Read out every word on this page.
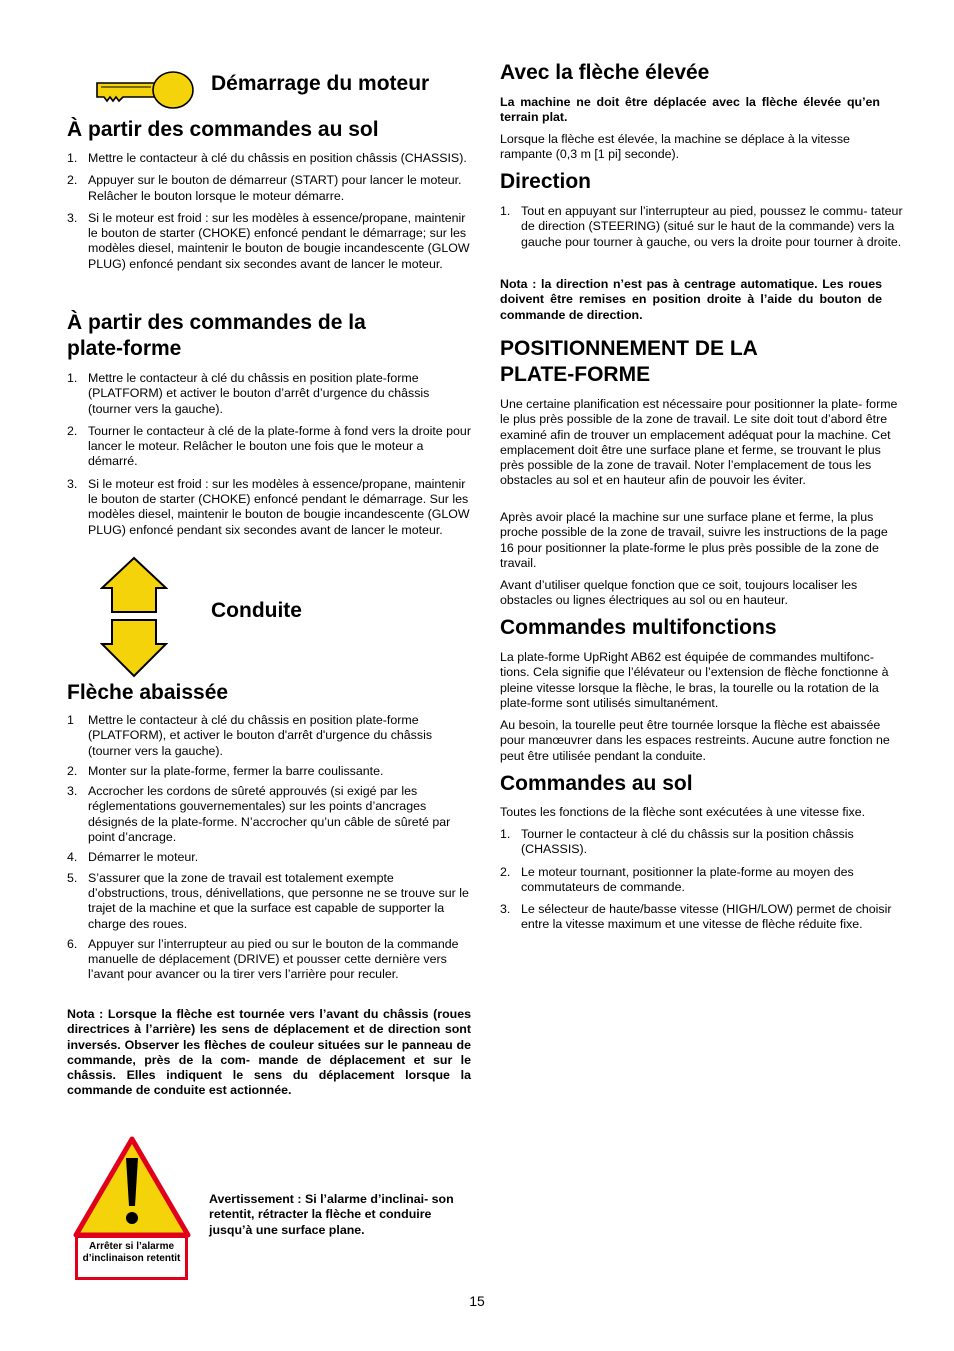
Démarrage du moteur
À partir des commandes au sol
1. Mettre le contacteur à clé du châssis en position châssis (CHASSIS).
2. Appuyer sur le bouton de démarreur (START) pour lancer le moteur. Relâcher le bouton lorsque le moteur démarre.
3. Si le moteur est froid : sur les modèles à essence/propane, maintenir le bouton de starter (CHOKE) enfoncé pendant le démarrage; sur les modèles diesel, maintenir le bouton de bougie incandescente (GLOW PLUG) enfoncé pendant six secondes avant de lancer le moteur.
À partir des commandes de la plate-forme
1. Mettre le contacteur à clé du châssis en position plate-forme (PLATFORM) et activer le bouton d’arrêt d’urgence du châssis (tourner vers la gauche).
2. Tourner le contacteur à clé de la plate-forme à fond vers la droite pour lancer le moteur. Relâcher le bouton une fois que le moteur a démarré.
3. Si le moteur est froid : sur les modèles à essence/propane, maintenir le bouton de starter (CHOKE) enfoncé pendant le démarrage. Sur les modèles diesel, maintenir le bouton de bougie incandescente (GLOW PLUG) enfoncé pendant six secondes avant de lancer le moteur.
Conduite
Flèche abaissée
1 Mettre le contacteur à clé du châssis en position plate-forme (PLATFORM), et activer le bouton d'arrêt d'urgence du châssis (tourner vers la gauche).
2. Monter sur la plate-forme, fermer la barre coulissante.
3. Accrocher les cordons de sûreté approuvés (si exigé par les réglementations gouvernementales) sur les points d’ancrages désignés de la plate-forme. N’accrocher qu’un câble de sûreté par point d’ancrage.
4. Démarrer le moteur.
5. S’assurer que la zone de travail est totalement exempte d’obstructions, trous, dénivellations, que personne ne se trouve sur le trajet de la machine et que la surface est capable de supporter la charge des roues.
6. Appuyer sur l’interrupteur au pied ou sur le bouton de la commande manuelle de déplacement (DRIVE) et pousser cette dernière vers l’avant pour avancer ou la tirer vers l’arrière pour reculer.

Nota : Lorsque la flèche est tournée vers l’avant du châssis (roues directrices à l’arrière) les sens de déplacement et de direction sont inversés. Observer les flèches de couleur situées sur le panneau de commande, près de la com- mande de déplacement et sur le châssis. Elles indiquent le sens du déplacement lorsque la commande de conduite est actionnée.

Arrêter si l’alarme d’inclinaison retentit

Avertissement : Si l’alarme d’inclinai- son retentit, rétracter la flèche et conduire jusqu’à une surface plane.

Avec la flèche élevée

La machine ne doit être déplacée avec la flèche élevée qu’en terrain plat.

Lorsque la flèche est élevée, la machine se déplace à la vitesse rampante (0,3 m [1 pi] seconde).

Direction
1. Tout en appuyant sur l’interrupteur au pied, poussez le commu- tateur de direction (STEERING) (situé sur le haut de la commande) vers la gauche pour tourner à gauche, ou vers la droite pour tourner à droite.

Nota : la direction n’est pas à centrage automatique. Les roues doivent être remises en position droite à l’aide du bouton de commande de direction.

POSITIONNEMENT DE LA PLATE-FORME

Une certaine planification est nécessaire pour positionner la plate- forme le plus près possible de la zone de travail. Le site doit tout d’abord être examiné afin de trouver un emplacement adéquat pour la machine. Cet emplacement doit être une surface plane et ferme, se trouvant le plus près possible de la zone de travail. Noter l’emplacement de tous les obstacles au sol et en hauteur afin de pouvoir les éviter.

Après avoir placé la machine sur une surface plane et ferme, la plus proche possible de la zone de travail, suivre les instructions de la page 16 pour positionner la plate-forme le plus près possible de la zone de travail.

Avant d’utiliser quelque fonction que ce soit, toujours localiser les obstacles ou lignes électriques au sol ou en hauteur.

Commandes multifonctions

La plate-forme UpRight AB62 est équipée de commandes multifonc- tions. Cela signifie que l’élévateur ou l’extension de flèche fonctionne à pleine vitesse lorsque la flèche, le bras, la tourelle ou la rotation de la plate-forme sont utilisés simultanément.

Au besoin, la tourelle peut être tournée lorsque la flèche est abaissée pour manœuvrer dans les espaces restreints. Aucune autre fonction ne peut être utilisée pendant la conduite.

Commandes au sol

Toutes les fonctions de la flèche sont exécutées à une vitesse fixe.

1. Tourner le contacteur à clé du châssis sur la position châssis (CHASSIS).
2. Le moteur tournant, positionner la plate-forme au moyen des commutateurs de commande.
3. Le sélecteur de haute/basse vitesse (HIGH/LOW) permet de choisir entre la vitesse maximum et une vitesse de flèche réduite fixe.
15
